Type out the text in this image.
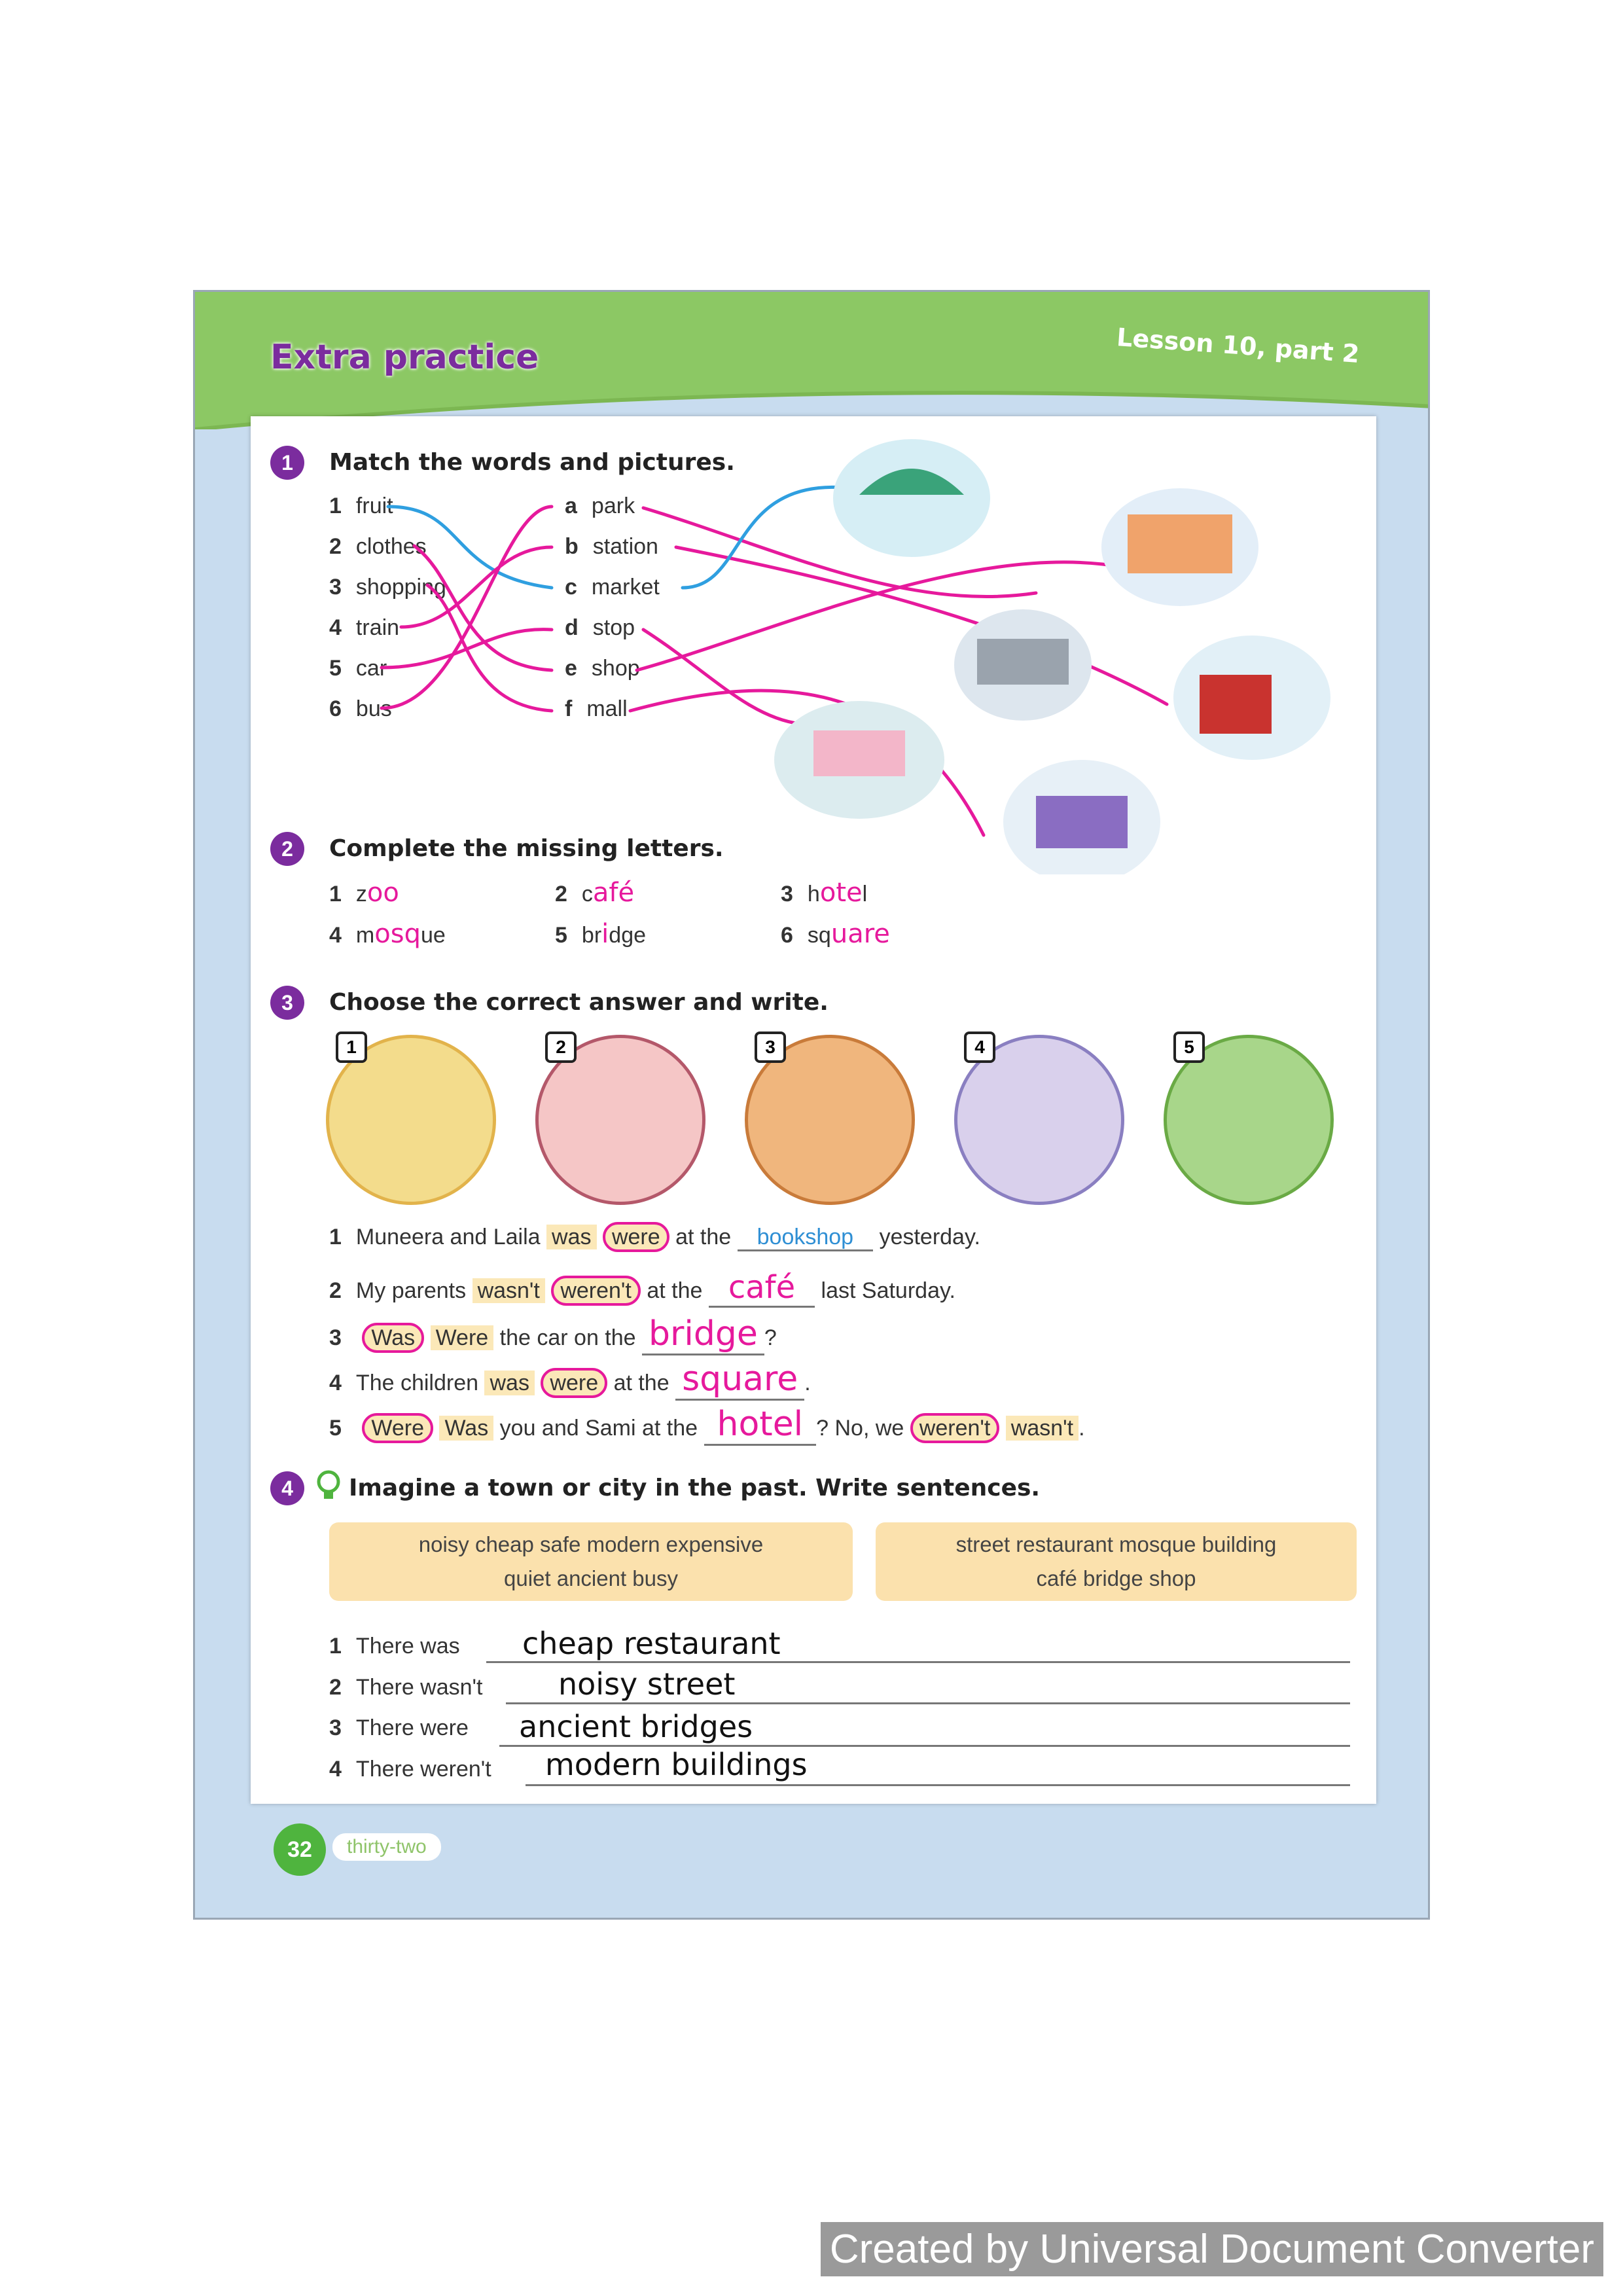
Extra practice	Lesson 10, part 2
1	Match the words and pictures.
1 fruit
2 clothes
3 shopping
4 train
5 car
6 bus
a park
b station
c market
d stop
e shop
f mall
2	Complete the missing letters.
1 zoo	2 café	3 hotel
4 mosque	5 bridge	6 square
3	Choose the correct answer and write.
1	2	3	4	5
1 Muneera and Laila was were at the bookshop yesterday.
2 My parents wasn't weren't at the café last Saturday.
3 Was Were the car on the bridge ?
4 The children was were at the square .
5 Were Was you and Sami at the hotel ? No, we weren't wasn't .
4	Imagine a town or city in the past. Write sentences.
noisy cheap safe modern expensive
quiet ancient busy
street restaurant mosque building
café bridge shop
1 There was cheap restaurant
2 There wasn't	noisy street
3 There were ancient bridges
4 There weren't modern buildings
32	thirty-two
Created by Universal Document Converter
